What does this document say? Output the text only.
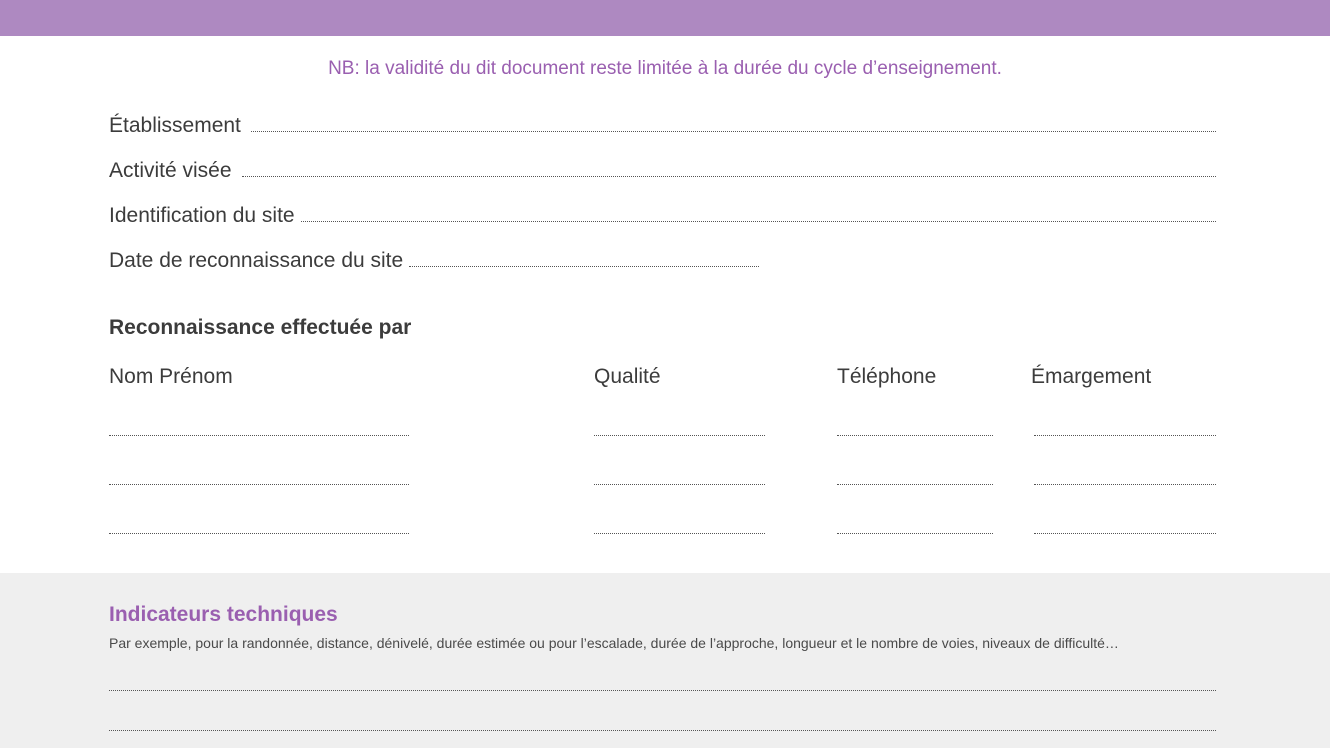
NB: la validité du dit document reste limitée à la durée du cycle d’enseignement.
Établissement
Activité visée
Identification du site
Date de reconnaissance du site
Reconnaissance effectuée par
Nom Prénom	Qualité	Téléphone	Émargement
Indicateurs techniques
Par exemple, pour la randonnée, distance, dénivelé, durée estimée ou pour l’escalade, durée de l’approche, longueur et le nombre de voies, niveaux de difficulté…
